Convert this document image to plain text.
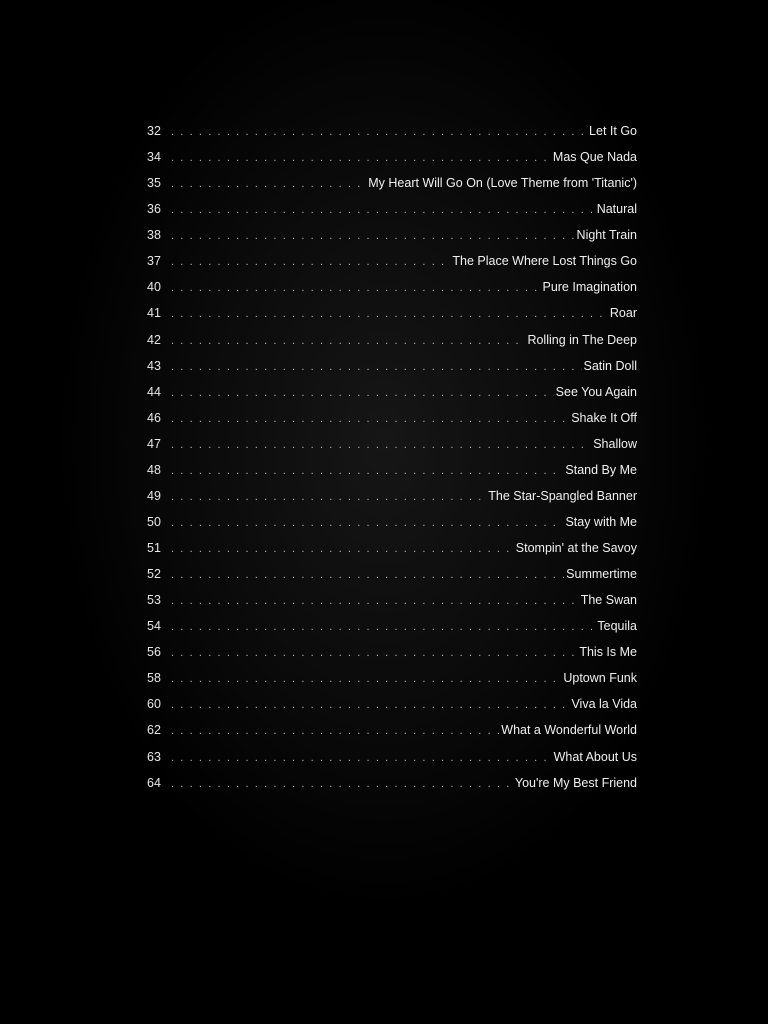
32 . . .	Let It Go
34 . . .	Mas Que Nada
35 . . .	My Heart Will Go On (Love Theme from 'Titanic')
36 . . .	Natural
38 . . .	Night Train
37 . . .	The Place Where Lost Things Go
40 . . .	Pure Imagination
41 . . .	Roar
42 . . .	Rolling in The Deep
43 . . .	Satin Doll
44 . . .	See You Again
46 . . .	Shake It Off
47 . . .	Shallow
48 . . .	Stand By Me
49 . . .	The Star-Spangled Banner
50 . . .	Stay with Me
51 . . .	Stompin' at the Savoy
52 . . .	Summertime
53 . . .	The Swan
54 . . .	Tequila
56 . . .	This Is Me
58 . . .	Uptown Funk
60 . . .	Viva la Vida
62 . . .	What a Wonderful World
63 . . .	What About Us
64 . . .	You're My Best Friend
